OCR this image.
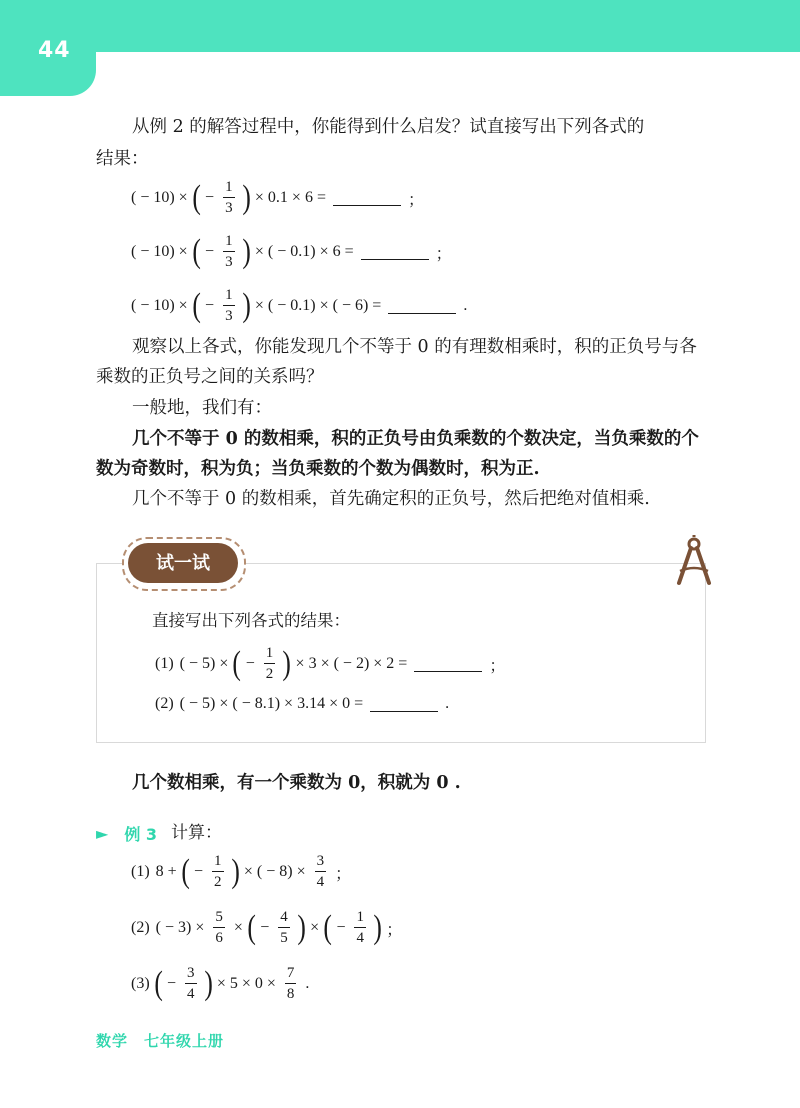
44
从例 2 的解答过程中，你能得到什么启发？试直接写出下列各式的
结果：
( − 10) × ( − $\frac{1}{3}$ ) × 0.1 × 6 =	；
( − 10) × ( − $\frac{1}{3}$ ) × ( − 0.1) × 6 =	；
( − 10) × ( − $\frac{1}{3}$ ) × ( − 0.1) × ( − 6) =	.
观察以上各式，你能发现几个不等于 0 的有理数相乘时，积的正负号与各
乘数的正负号之间的关系吗？
一般地，我们有：
几个不等于 0 的数相乘，积的正负号由负乘数的个数决定，当负乘数的个
数为奇数时，积为负；当负乘数的个数为偶数时，积为正.
几个不等于 0 的数相乘，首先确定积的正负号，然后把绝对值相乘.
试一试
直接写出下列各式的结果：
(1) ( − 5) × ( − $\frac{1}{2}$ ) × 3 × ( − 2) × 2 =	；
(2) ( − 5) × ( − 8.1) × 3.14 × 0 =	.
几个数相乘，有一个乘数为 0，积就为 0 .
► 例 3 计算：
(1) 8 + ( − $\frac{1}{2}$ ) × ( − $8) \times \frac{3}{4}$ ；
(2) ( − $3) \times \frac{5}{6}$ × ( − $\frac{4}{5}$ ) × ( − $\frac{1}{4}$ ) ；
(3) ( − $\frac{3}{4}$ ) × $5 \times 0 \times \frac{7}{8}$ .
数学　七年级上册
